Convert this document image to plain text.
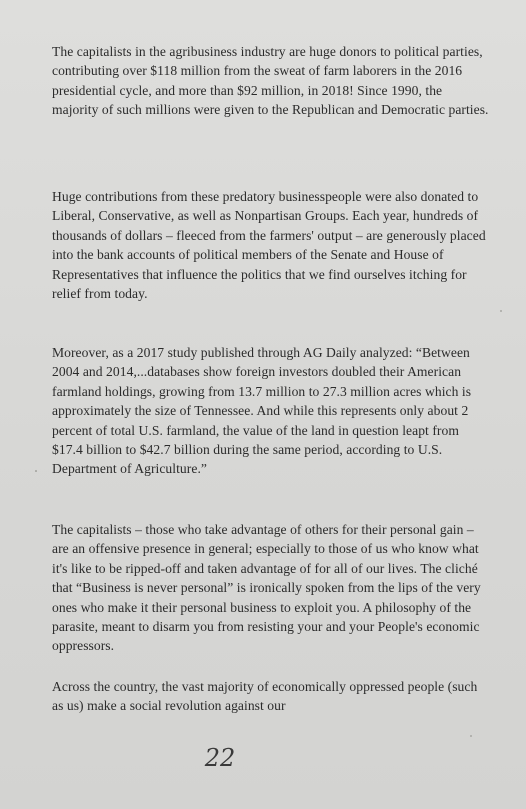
The capitalists in the agribusiness industry are huge donors to political parties, contributing over $118 million from the sweat of farm laborers in the 2016 presidential cycle, and more than $92 million, in 2018! Since 1990, the majority of such millions were given to the Republican and Democratic parties.

Huge contributions from these predatory businesspeople were also donated to Liberal, Conservative, as well as Nonpartisan Groups. Each year, hundreds of thousands of dollars – fleeced from the farmers' output – are generously placed into the bank accounts of political members of the Senate and House of Representatives that influence the politics that we find ourselves itching for relief from today.

Moreover, as a 2017 study published through AG Daily analyzed: “Between 2004 and 2014,...databases show foreign investors doubled their American farmland holdings, growing from 13.7 million to 27.3 million acres which is approximately the size of Tennessee. And while this represents only about 2 percent of total U.S. farmland, the value of the land in question leapt from $17.4 billion to $42.7 billion during the same period, according to U.S. Department of Agriculture.”

The capitalists – those who take advantage of others for their personal gain – are an offensive presence in general; especially to those of us who know what it's like to be ripped-off and taken advantage of for all of our lives. The cliché that “Business is never personal” is ironically spoken from the lips of the very ones who make it their personal business to exploit you. A philosophy of the parasite, meant to disarm you from resisting your and your People's economic oppressors.

Across the country, the vast majority of economically oppressed people (such as us) make a social revolution against our

22
